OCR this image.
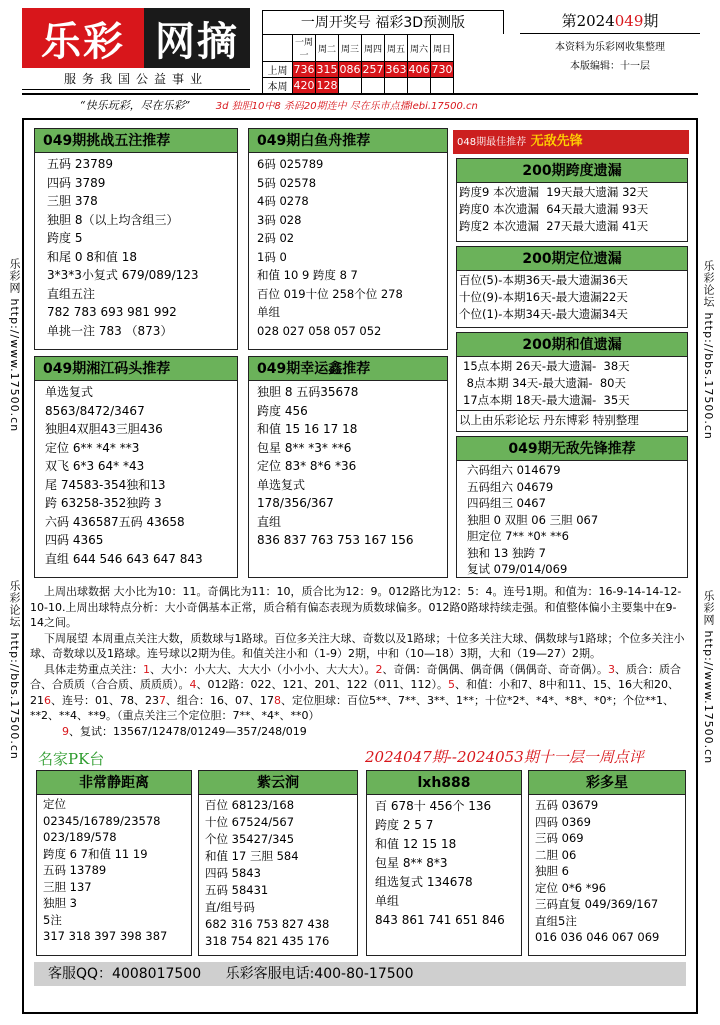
乐彩 网摘
服务我国公益事业
一周开奖号 福彩3D预测版
	一周一	周二	周三	周四	周五	周六	周日
上周	736	315	086	257	363	406	730
本周	420	128					
第2024049期
本资料为乐彩网收集整理
本版编辑：十一层
“快乐玩彩，尽在乐彩”	3d 独胆10中8 杀码20期连中 尽在乐市点播lebi.17500.cn
乐彩网 http://www.17500.cn
乐彩论坛 http://bbs.17500.cn
乐彩论坛 http://bbs.17500.cn
乐彩网 http://www.17500.cn
049期挑战五注推荐
五码 23789
四码 3789
三胆 378
独胆 8（以上均含组三）
跨度 5
和尾 0 8和值 18
3*3*3小复式 679/089/123
直组五注
782 783 693 981 992
单挑一注 783 （873）
049期白鱼舟推荐
6码 025789
5码 02578
4码 0278
3码 028
2码 02
1码 0
和值 10 9 跨度 8 7
百位 019十位 258个位 278
单组
028 027 058 057 052
049期湘江码头推荐
单选复式
8563/8472/3467
独胆4双胆43三胆436
定位 6** *4* **3
双飞 6*3 64* *43
尾 74583-354独和13
跨 63258-352独跨 3
六码 436587五码 43658
四码 4365
直组 644 546 643 647 843
049期幸运鑫推荐
独胆 8 五码35678
跨度 456
和值 15 16 17 18
包星 8** *3* **6
定位 83* 8*6 *36
单选复式
178/356/367
直组
836 837 763 753 167 156
048期最佳推荐 无敌先锋
200期跨度遗漏
跨度9 本次遗漏  19天最大遗漏 32天
跨度0 本次遗漏  64天最大遗漏 93天
跨度2 本次遗漏  27天最大遗漏 41天
200期定位遗漏
百位(5)-本期36天-最大遗漏36天
十位(9)-本期16天-最大遗漏22天
个位(1)-本期34天-最大遗漏34天
200期和值遗漏
15点本期 26天-最大遗漏-  38天
8点本期 34天-最大遗漏-  80天
17点本期 18天-最大遗漏-  35天
以上由乐彩论坛 丹东博彩 特别整理
049期无敌先锋推荐
六码组六 014679
五码组六 04679
四码组三 0467
独胆 0 双胆 06 三胆 067
胆定位 7** *0* **6
独和 13 独跨 7
复试 079/014/069

上周出球数据 大小比为10：11。奇偶比为11：10，质合比为12：9。012路比为12：5：4。连号1期。和值为：16-9-14-14-12-10-10.上周出球特点分析：大小奇偶基本正常，质合稍有偏态表现为质数球偏多。012路0路球持续走强。和值整体偏小主要集中在9-14之间。

下周展望 本周重点关注大数，质数球与1路球。百位多关注大球、奇数以及1路球；十位多关注大球、偶数球与1路球；个位多关注小球、奇数球以及1路球。连号球以2期为佳。和值关注小和（1-9）2期，中和（10—18）3期，大和（19—27）2期。

具体走势重点关注：1、大小：小大大、大大小（小小小、大大大）。2、奇偶：奇偶偶、偶奇偶（偶偶奇、奇奇偶）。3、质合：质合合、合质质（合合质、质质质）。4、012路：022、121、201、122（011、112）。5、和值：小和7、8中和11、15、16大和20、216、连号：01、78、237、组合：16、07、178、定位胆球：百位5**、7**、3**、1**；十位*2*、*4*、*8*、*0*；个位**1、**2、**4、**9。（重点关注三个定位胆：7**、*4*、**0）

9、复试：13567/12478/01249—357/248/019

名家PK台	2024047期--2024053期十一层一周点评
非常静距离
定位
02345/16789/23578
023/189/578
跨度 6 7和值 11 19
五码 13789
三胆 137
独胆 3
5注
317 318 397 398 387
紫云涧
百位 68123/168
十位 67524/567
个位 35427/345
和值 17 三胆 584
四码 5843
五码 58431
直/组号码
682 316 753 827 438
318 754 821 435 176
lxh888
百 678十 456个 136
跨度 2 5 7
和值 12 15 18
包星 8** 8*3
组选复式 134678
单组
843 861 741 651 846
彩多星
五码 03679
四码 0369
三码 069
二胆 06
独胆 6
定位 0*6 *96
三码直复 049/369/167
直组5注
016 036 046 067 069
客服QQ：4008017500 乐彩客服电话:400-80-17500
